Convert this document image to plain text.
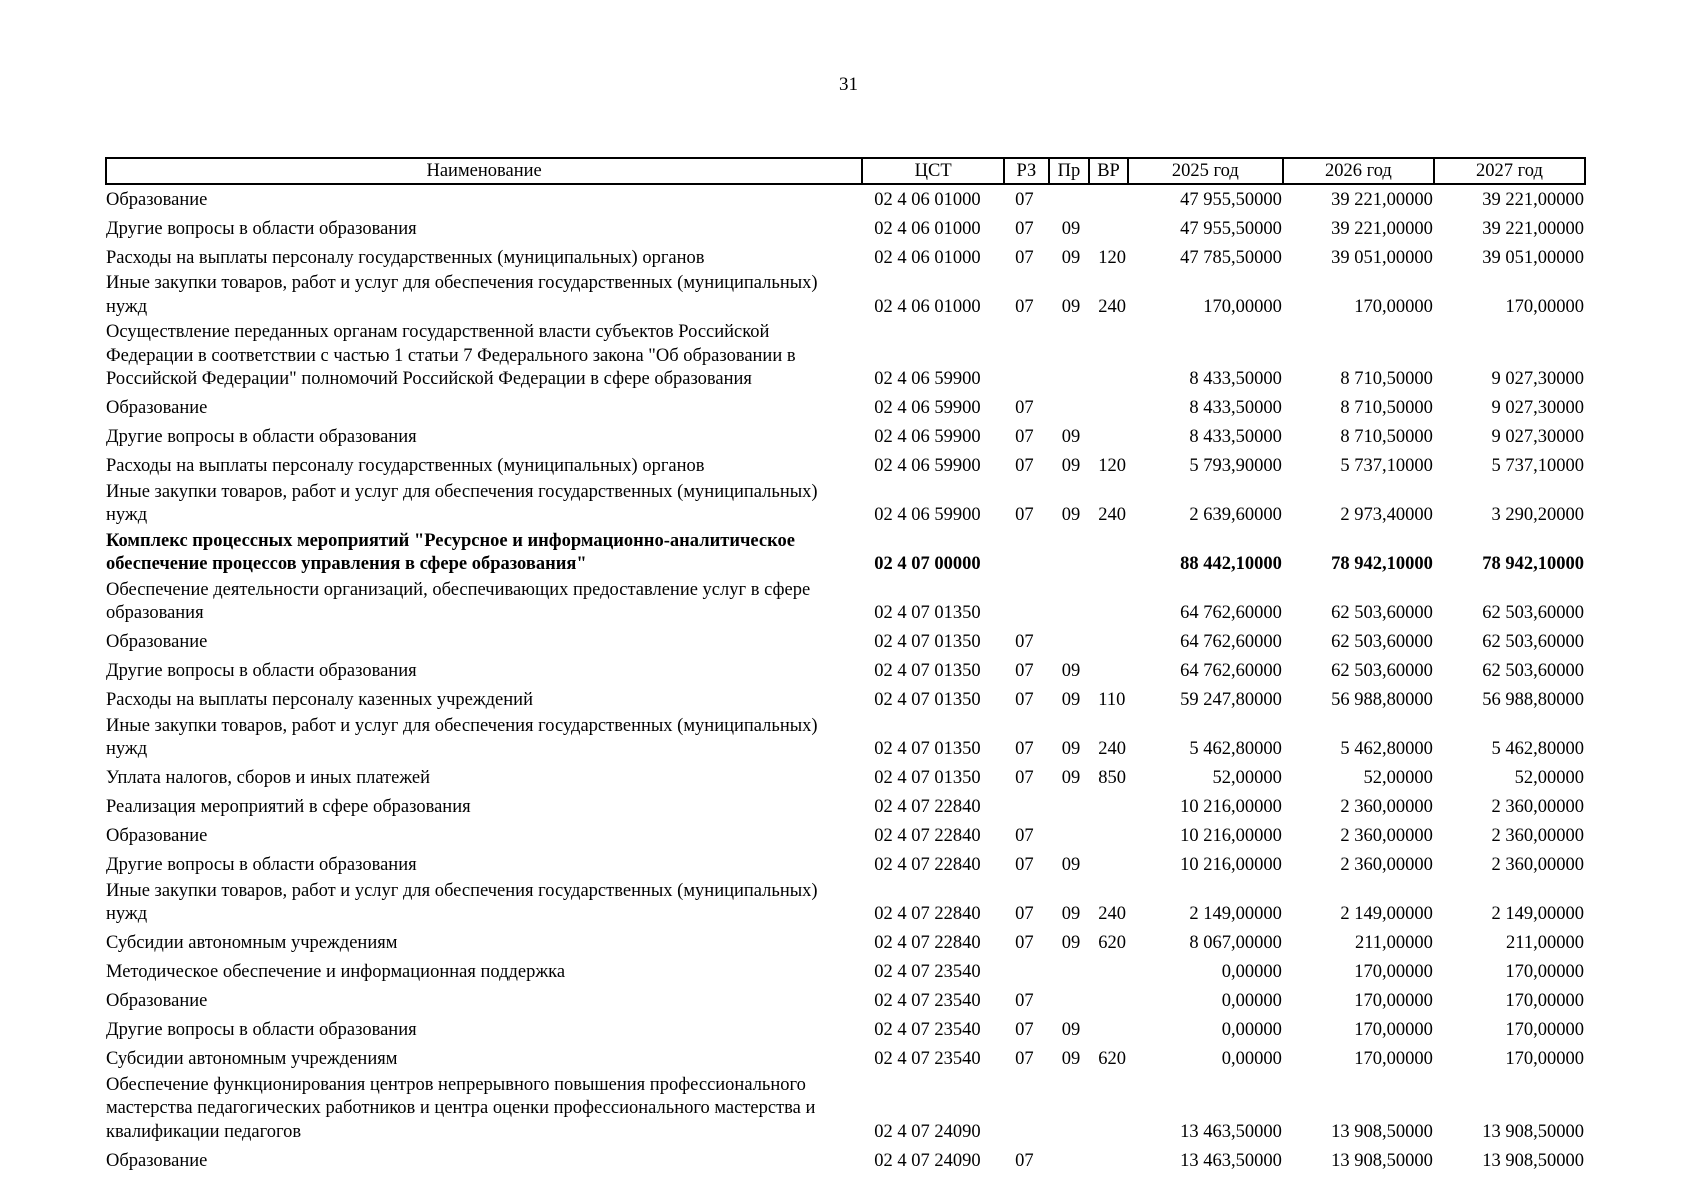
31
Наименование	ЦСТ	РЗ	Пр	ВР	2025 год	2026 год	2027 год
Образование	02 4 06 01000	07			47 955,50000	39 221,00000	39 221,00000
Другие вопросы в области образования	02 4 06 01000	07	09		47 955,50000	39 221,00000	39 221,00000
Расходы на выплаты персоналу государственных (муниципальных) органов	02 4 06 01000	07	09	120	47 785,50000	39 051,00000	39 051,00000
Иные закупки товаров, работ и услуг для обеспечения государственных (муниципальных) нужд	02 4 06 01000	07	09	240	170,00000	170,00000	170,00000
Осуществление переданных органам государственной власти субъектов Российской Федерации в соответствии с частью 1 статьи 7 Федерального закона "Об образовании в Российской Федерации" полномочий Российской Федерации в сфере образования	02 4 06 59900				8 433,50000	8 710,50000	9 027,30000
Образование	02 4 06 59900	07			8 433,50000	8 710,50000	9 027,30000
Другие вопросы в области образования	02 4 06 59900	07	09		8 433,50000	8 710,50000	9 027,30000
Расходы на выплаты персоналу государственных (муниципальных) органов	02 4 06 59900	07	09	120	5 793,90000	5 737,10000	5 737,10000
Иные закупки товаров, работ и услуг для обеспечения государственных (муниципальных) нужд	02 4 06 59900	07	09	240	2 639,60000	2 973,40000	3 290,20000
Комплекс процессных мероприятий "Ресурсное и информационно-аналитическое обеспечение процессов управления в сфере образования"	02 4 07 00000				88 442,10000	78 942,10000	78 942,10000
Обеспечение деятельности организаций, обеспечивающих предоставление услуг в сфере образования	02 4 07 01350				64 762,60000	62 503,60000	62 503,60000
Образование	02 4 07 01350	07			64 762,60000	62 503,60000	62 503,60000
Другие вопросы в области образования	02 4 07 01350	07	09		64 762,60000	62 503,60000	62 503,60000
Расходы на выплаты персоналу казенных учреждений	02 4 07 01350	07	09	110	59 247,80000	56 988,80000	56 988,80000
Иные закупки товаров, работ и услуг для обеспечения государственных (муниципальных) нужд	02 4 07 01350	07	09	240	5 462,80000	5 462,80000	5 462,80000
Уплата налогов, сборов и иных платежей	02 4 07 01350	07	09	850	52,00000	52,00000	52,00000
Реализация мероприятий в сфере образования	02 4 07 22840				10 216,00000	2 360,00000	2 360,00000
Образование	02 4 07 22840	07			10 216,00000	2 360,00000	2 360,00000
Другие вопросы в области образования	02 4 07 22840	07	09		10 216,00000	2 360,00000	2 360,00000
Иные закупки товаров, работ и услуг для обеспечения государственных (муниципальных) нужд	02 4 07 22840	07	09	240	2 149,00000	2 149,00000	2 149,00000
Субсидии автономным учреждениям	02 4 07 22840	07	09	620	8 067,00000	211,00000	211,00000
Методическое обеспечение и информационная поддержка	02 4 07 23540				0,00000	170,00000	170,00000
Образование	02 4 07 23540	07			0,00000	170,00000	170,00000
Другие вопросы в области образования	02 4 07 23540	07	09		0,00000	170,00000	170,00000
Субсидии автономным учреждениям	02 4 07 23540	07	09	620	0,00000	170,00000	170,00000
Обеспечение функционирования центров непрерывного повышения профессионального мастерства педагогических работников и центра оценки профессионального мастерства и квалификации педагогов	02 4 07 24090				13 463,50000	13 908,50000	13 908,50000
Образование	02 4 07 24090	07			13 463,50000	13 908,50000	13 908,50000
